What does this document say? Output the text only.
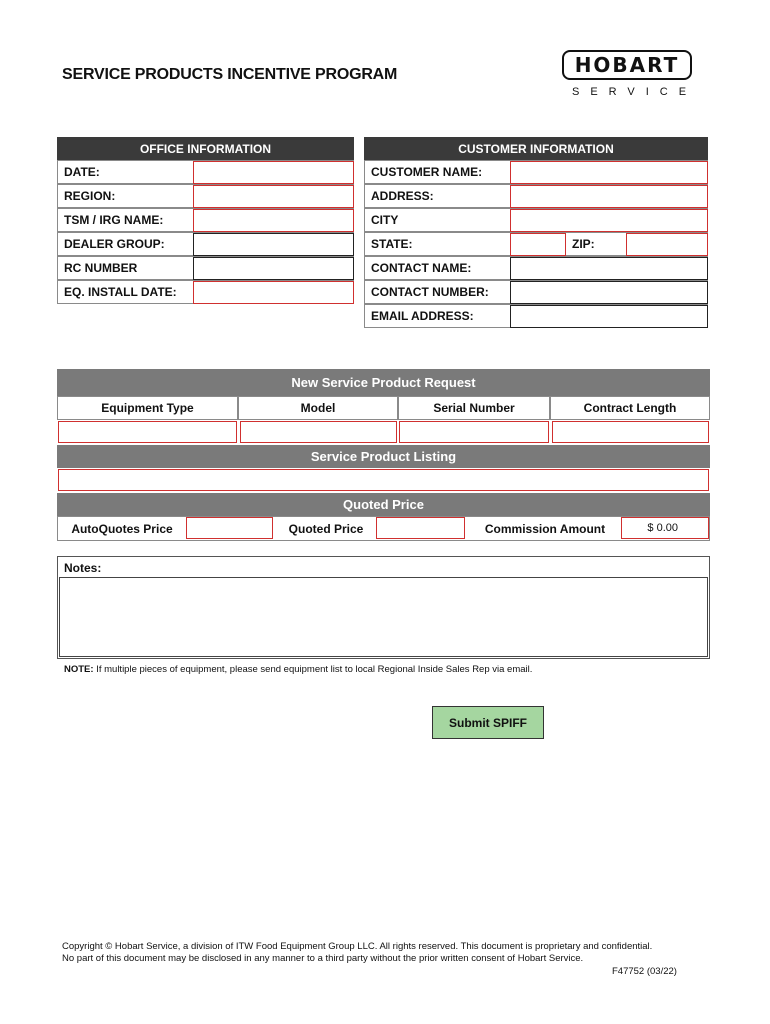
SERVICE PRODUCTS INCENTIVE PROGRAM	HOBART
SERVICE
OFFICE INFORMATION
DATE:
REGION:
TSM / IRG NAME:
DEALER GROUP:
RC NUMBER
EQ. INSTALL DATE:
CUSTOMER INFORMATION
CUSTOMER NAME:
ADDRESS:
CITY
STATE:	ZIP:
CONTACT NAME:
CONTACT NUMBER:
EMAIL ADDRESS:
New Service Product Request
Equipment Type	Model	Serial Number	Contract Length
Service Product Listing
Quoted Price
AutoQuotes Price	Quoted Price	Commission Amount	$ 0.00
Notes:
NOTE: If multiple pieces of equipment, please send equipment list to local Regional Inside Sales Rep via email.
Submit SPIFF
Copyright © Hobart Service, a division of ITW Food Equipment Group LLC. All rights reserved. This document is proprietary and confidential.
No part of this document may be disclosed in any manner to a third party without the prior written consent of Hobart Service.
F47752 (03/22)
